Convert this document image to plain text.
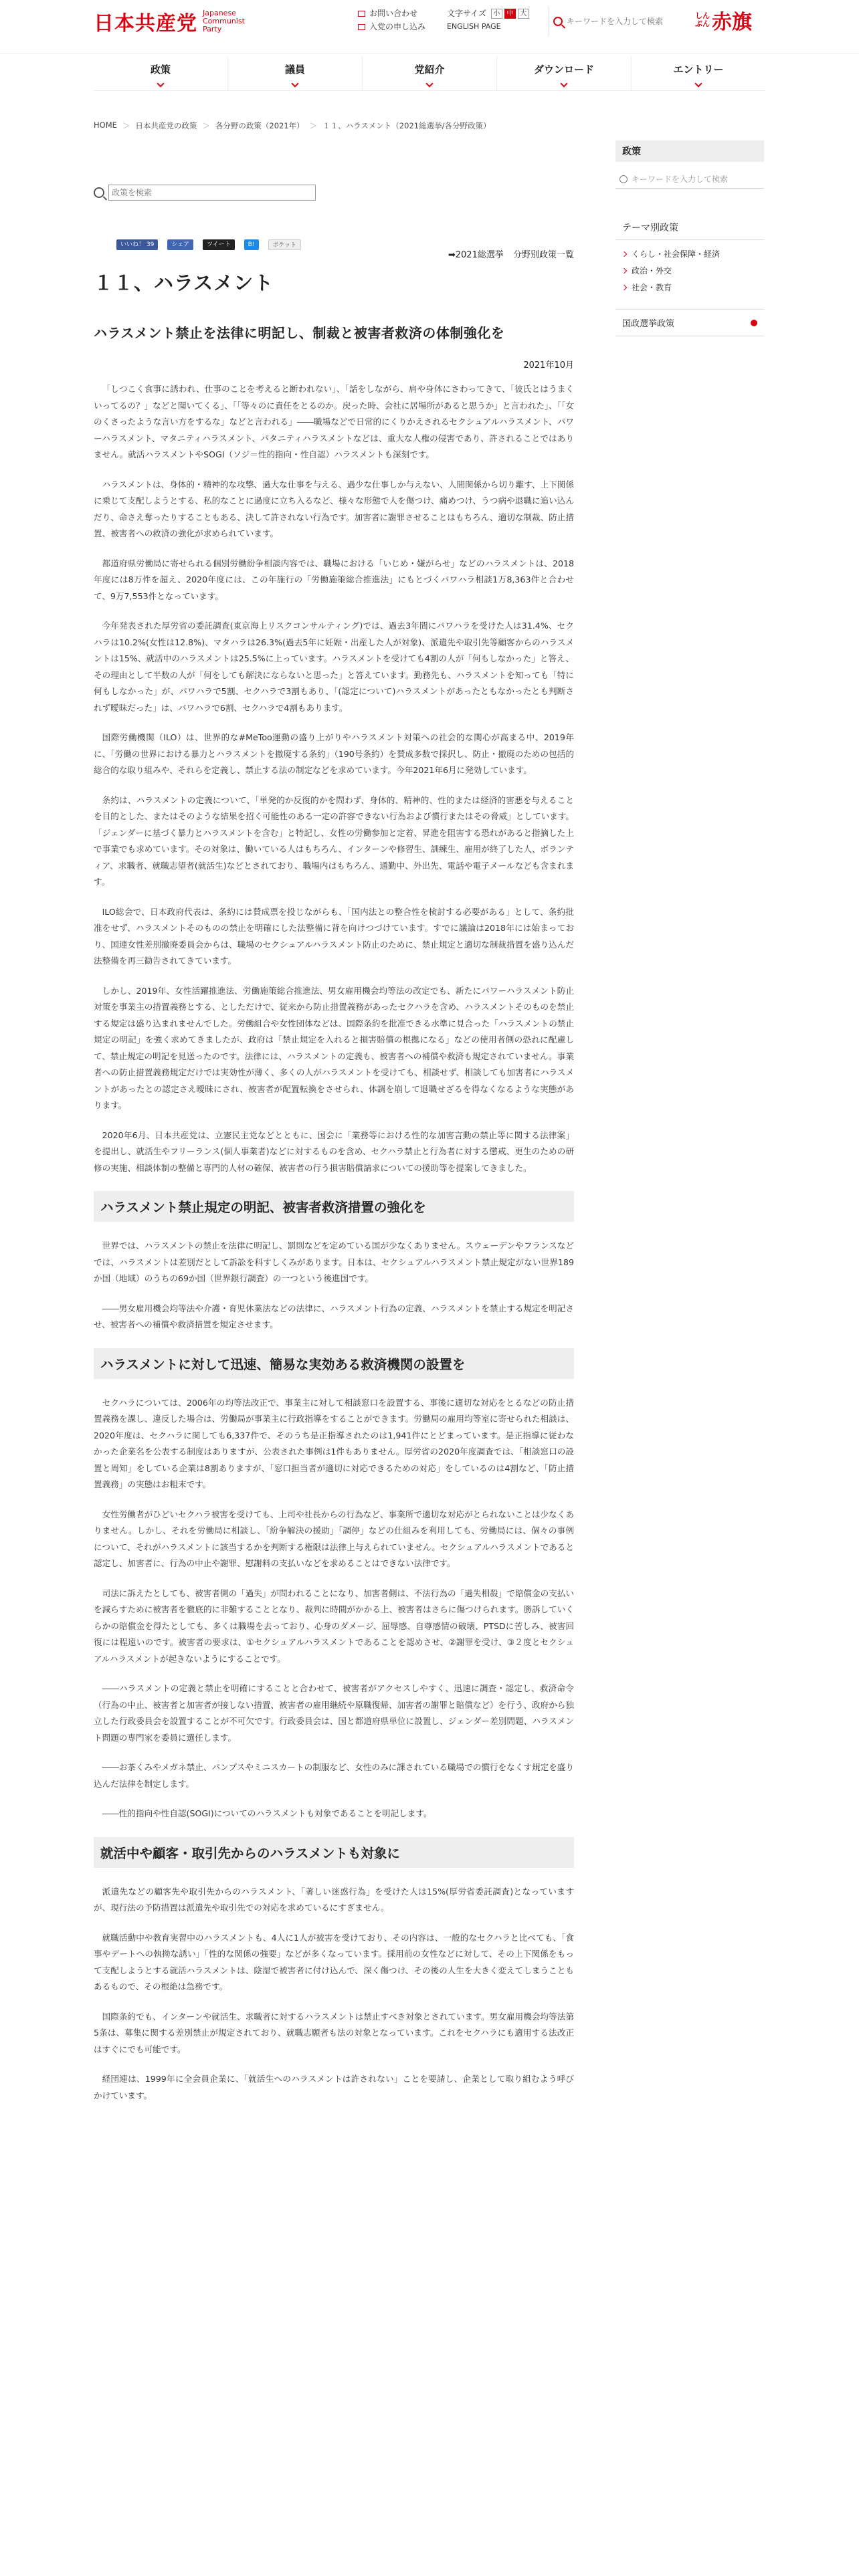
日本共産党 Japanese Communist Party
お問い合わせ
入党の申し込み
文字サイズ 小 中 大
ENGLISH PAGE
キーワードを入力して検索
しんぶん 赤旗
政策	議員	党紹介	ダウンロード	エントリー
HOME ＞ 日本共産党の政策 ＞ 各分野の政策（2021年） ＞ １１、ハラスメント（2021総選挙/各分野政策）
政策を検索
いいね！ 39	シェア	ツイート	B!	ポケット
➡2021総選挙 分野別政策一覧
１１、ハラスメント
ハラスメント禁止を法律に明記し、制裁と被害者救済の体制強化を
2021年10月

「しつこく食事に誘われ、仕事のことを考えると断われない」、「話をしながら、肩や身体にさわってきて、「彼氏とはうまくいってるの？」などと聞いてくる」、「「等々のに責任をとるのか。戻った時、会社に居場所があると思うか」と言われた」、「「女のくさったような言い方をするな」などと言われる」――職場などで日常的にくりかえされるセクシュアルハラスメント、パワーハラスメント、マタニティハラスメント、パタニティハラスメントなどは、重大な人権の侵害であり、許されることではありません。就活ハラスメントやSOGI（ソジ＝性的指向・性自認）ハラスメントも深刻です。

ハラスメントは、身体的・精神的な攻撃、過大な仕事を与える、過少な仕事しか与えない、人間関係から切り離す、上下関係に乗じて支配しようとする、私的なことに過度に立ち入るなど、様々な形態で人を傷つけ、痛めつけ、うつ病や退職に追い込んだり、命さえ奪ったりすることもある、決して許されない行為です。加害者に謝罪させることはもちろん、適切な制裁、防止措置、被害者への救済の強化が求められています。

都道府県労働局に寄せられる個別労働紛争相談内容では、職場における「いじめ・嫌がらせ」などのハラスメントは、2018年度には8万件を超え、2020年度には、この年施行の「労働施策総合推進法」にもとづくパワハラ相談1万8,363件と合わせて、9万7,553件となっています。

今年発表された厚労省の委託調査(東京海上リスクコンサルティング)では、過去3年間にパワハラを受けた人は31.4%、セクハラは10.2%(女性は12.8%)、マタハラは26.3%(過去5年に妊娠・出産した人が対象)、派遣先や取引先等顧客からのハラスメントは15%、就活中のハラスメントは25.5%に上っています。ハラスメントを受けても4割の人が「何もしなかった」と答え、その理由として半数の人が「何をしても解決にならないと思った」と答えています。勤務先も、ハラスメントを知っても「特に何もしなかった」が、パワハラで5割、セクハラで3割もあり、「(認定について)ハラスメントがあったともなかったとも判断されず曖昧だった」は、パワハラで6割、セクハラで4割もあります。

国際労働機関（ILO）は、世界的な#MeToo運動の盛り上がりやハラスメント対策への社会的な関心が高まる中、2019年に、「労働の世界における暴力とハラスメントを撤廃する条約」（190号条約）を賛成多数で採択し、防止・撤廃のための包括的総合的な取り組みや、それらを定義し、禁止する法の制定などを求めています。今年2021年6月に発効しています。

条約は、ハラスメントの定義について、「単発的か反復的かを問わず、身体的、精神的、性的または経済的害悪を与えることを目的とした、またはそのような結果を招く可能性のある一定の許容できない行為および慣行またはその脅威」としています。「ジェンダーに基づく暴力とハラスメントを含む」と特記し、女性の労働参加と定着、昇進を阻害する恐れがあると指摘した上で事業でも求めています。その対象は、働いている人はもちろん、インターンや修習生、訓練生、雇用が終了した人、ボランティア、求職者、就職志望者(就活生)などとされており、職場内はもちろん、通勤中、外出先、電話や電子メールなども含まれます。

ILO総会で、日本政府代表は、条約には賛成票を投じながらも、「国内法との整合性を検討する必要がある」として、条約批准をせず、ハラスメントそのものの禁止を明確にした法整備に背を向けつづけています。すでに議論は2018年には始まっており、国連女性差別撤廃委員会からは、職場のセクシュアルハラスメント防止のために、禁止規定と適切な制裁措置を盛り込んだ法整備を再三勧告されてきています。

しかし、2019年、女性活躍推進法、労働施策総合推進法、男女雇用機会均等法の改定でも、新たにパワーハラスメント防止対策を事業主の措置義務とする、としただけで、従来から防止措置義務があったセクハラを含め、ハラスメントそのものを禁止する規定は盛り込まれませんでした。労働組合や女性団体などは、国際条約を批准できる水準に見合った「ハラスメントの禁止規定の明記」を強く求めてきましたが、政府は「禁止規定を入れると損害賠償の根拠になる」などの使用者側の恐れに配慮して、禁止規定の明記を見送ったのです。法律には、ハラスメントの定義も、被害者への補償や救済も規定されていません。事業者への防止措置義務規定だけでは実効性が薄く、多くの人がハラスメントを受けても、相談せず、相談しても加害者にハラスメントがあったとの認定さえ曖昧にされ、被害者が配置転換をさせられ、体調を崩して退職せざるを得なくなるような実態があります。

2020年6月、日本共産党は、立憲民主党などとともに、国会に「業務等における性的な加害言動の禁止等に関する法律案」を提出し、就活生やフリーランス(個人事業者)などに対するものを含め、セクハラ禁止と行為者に対する懲戒、更生のための研修の実施、相談体制の整備と専門的人材の確保、被害者の行う損害賠償請求についての援助等を提案してきました。

ハラスメント禁止規定の明記、被害者救済措置の強化を

世界では、ハラスメントの禁止を法律に明記し、罰則などを定めている国が少なくありません。スウェーデンやフランスなどでは、ハラスメントは差別だとして訴訟を科すしくみがあります。日本は、セクシュアルハラスメント禁止規定がない世界189か国（地域）のうちの69か国（世界銀行調査）の一つという後進国です。

――男女雇用機会均等法や介護・育児休業法などの法律に、ハラスメント行為の定義、ハラスメントを禁止する規定を明記させ、被害者への補償や救済措置を規定させます。

ハラスメントに対して迅速、簡易な実効ある救済機関の設置を

セクハラについては、2006年の均等法改正で、事業主に対して相談窓口を設置する、事後に適切な対応をとるなどの防止措置義務を課し、違反した場合は、労働局が事業主に行政指導をすることができます。労働局の雇用均等室に寄せられた相談は、2020年度は、セクハラに関しても6,337件で、そのうち是正指導されたのは1,941件にとどまっています。是正指導に従わなかった企業名を公表する制度はありますが、公表された事例は1件もありません。厚労省の2020年度調査では、「相談窓口の設置と周知」をしている企業は8割ありますが、「窓口担当者が適切に対応できるための対応」をしているのは4割など、「防止措置義務」の実態はお粗末です。

女性労働者がひどいセクハラ被害を受けても、上司や社長からの行為など、事業所で適切な対応がとられないことは少なくありません。しかし、それを労働局に相談し、「紛争解決の援助」「調停」などの仕組みを利用しても、労働局には、個々の事例について、それがハラスメントに該当するかを判断する権限は法律上与えられていません。セクシュアルハラスメントであると認定し、加害者に、行為の中止や謝罪、慰謝料の支払いなどを求めることはできない法律です。

司法に訴えたとしても、被害者側の「過失」が問われることになり、加害者側は、不法行為の「過失相殺」で賠償金の支払いを減らすために被害者を徹底的に非難することとなり、裁判に時間がかかる上、被害者はさらに傷つけられます。勝訴していくらかの賠償金を得たとしても、多くは職場を去っており、心身のダメージ、屈辱感、自尊感情の破壊、PTSDに苦しみ、被害回復には程遠いのです。被害者の要求は、①セクシュアルハラスメントであることを認めさせ、②謝罪を受け、③２度とセクシュアルハラスメントが起きないようにすることです。

――ハラスメントの定義と禁止を明確にすることと合わせて、被害者がアクセスしやすく、迅速に調査・認定し、救済命令（行為の中止、被害者と加害者が接しない措置、被害者の雇用継続や原職復帰、加害者の謝罪と賠償など）を行う、政府から独立した行政委員会を設置することが不可欠です。行政委員会は、国と都道府県単位に設置し、ジェンダー差別問題、ハラスメント問題の専門家を委員に選任します。

――お茶くみやメガネ禁止、パンプスやミニスカートの制服など、女性のみに課されている職場での慣行をなくす規定を盛り込んだ法律を制定します。

――性的指向や性自認(SOGI)についてのハラスメントも対象であることを明記します。

就活中や顧客・取引先からのハラスメントも対象に

派遣先などの顧客先や取引先からのハラスメント、「著しい迷惑行為」を受けた人は15%(厚労省委託調査)となっていますが、現行法の予防措置は派遣先や取引先での対応を求めているにすぎません。

就職活動中や教育実習中のハラスメントも、4人に1人が被害を受けており、その内容は、一般的なセクハラと比べても、「食事やデートへの執拗な誘い」「性的な関係の強要」などが多くなっています。採用前の女性などに対して、その上下関係をもって支配しようとする就活ハラスメントは、陰湿で被害者に付け込んで、深く傷つけ、その後の人生を大きく変えてしまうこともあるもので、その根絶は急務です。

国際条約でも、インターンや就活生、求職者に対するハラスメントは禁止すべき対象とされています。男女雇用機会均等法第5条は、募集に関する差別禁止が規定されており、就職志願者も法の対象となっています。これをセクハラにも適用する法改正はすぐにでも可能です。

経団連は、1999年に全会員企業に、「就活生へのハラスメントは許されない」ことを要請し、企業として取り組むよう呼びかけています。

政策
キーワードを入力して検索
テーマ別政策
くらし・社会保障・経済
政治・外交
社会・教育
国政選挙政策
